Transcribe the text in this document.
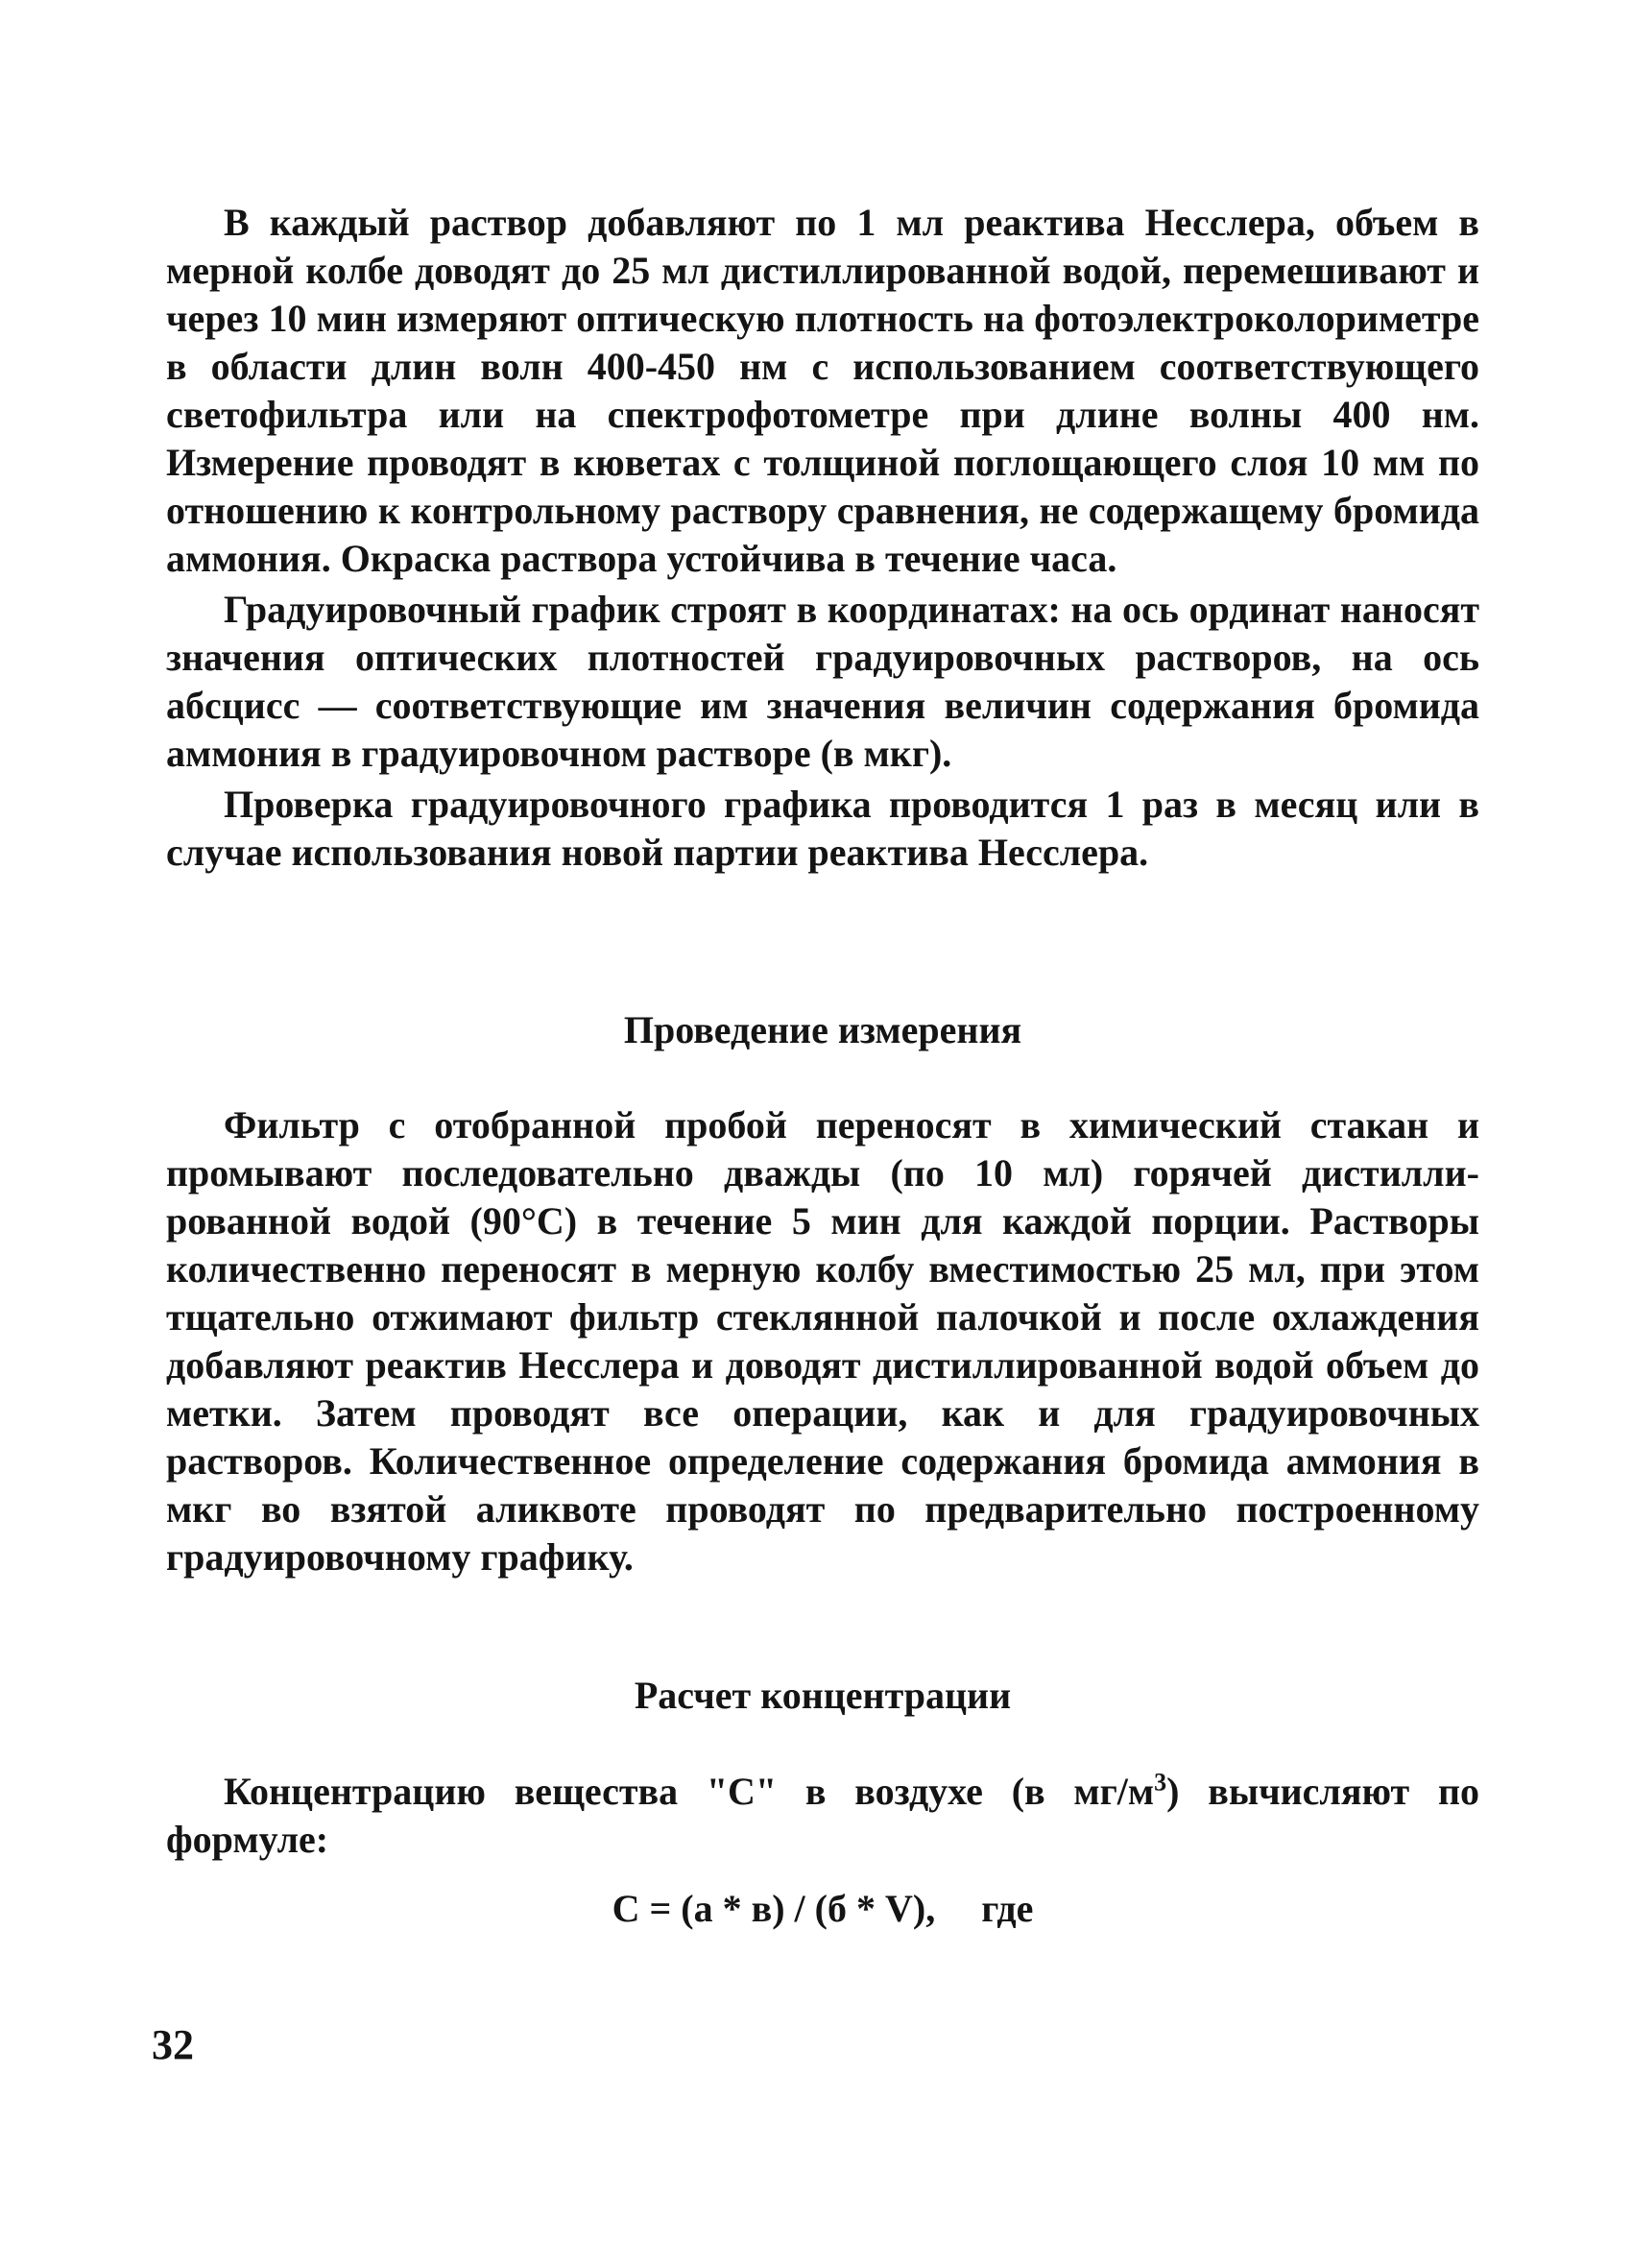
В каждый раствор добавляют по 1 мл реактива Несслера, объем в мерной колбе доводят до 25 мл дистиллированной водой, перемешивают и через 10 мин измеряют оптическую плотность на фотоэлектроколориметре в области длин волн 400-450 нм с использованием соответствующего светофильтра или на спектрофотометре при длине волны 400 нм. Измерение проводят в кюветах с толщиной поглощающего слоя 10 мм по отношению к контрольному раствору сравнения, не содержащему бромида аммония. Окраска раствора устойчива в течение часа.

Градуировочный график строят в координатах: на ось ординат наносят значения оптических плотностей градуировочных растворов, на ось абсцисс — соответствующие им значения величин содержания бромида аммония в градуировочном растворе (в мкг).

Проверка градуировочного графика проводится 1 раз в месяц или в случае использования новой партии реактива Несслера.

Проведение измерения

Фильтр с отобранной пробой переносят в химический стакан и промывают последовательно дважды (по 10 мл) горячей дистиллированной водой (90°С) в течение 5 мин для каждой порции. Растворы количественно переносят в мерную колбу вместимостью 25 мл, при этом тщательно отжимают фильтр стеклянной палочкой и после охлаждения добавляют реактив Несслера и доводят дистиллированной водой объем до метки. Затем проводят все операции, как и для градуировочных растворов. Количественное определение содержания бромида аммония в мкг во взятой аликвоте проводят по предварительно построенному градуировочному графику.

Расчет концентрации

Концентрацию вещества "С" в воздухе (в $мг/м^3$) вычисляют по формуле:

С = (а * в) / (б * V), где
32
